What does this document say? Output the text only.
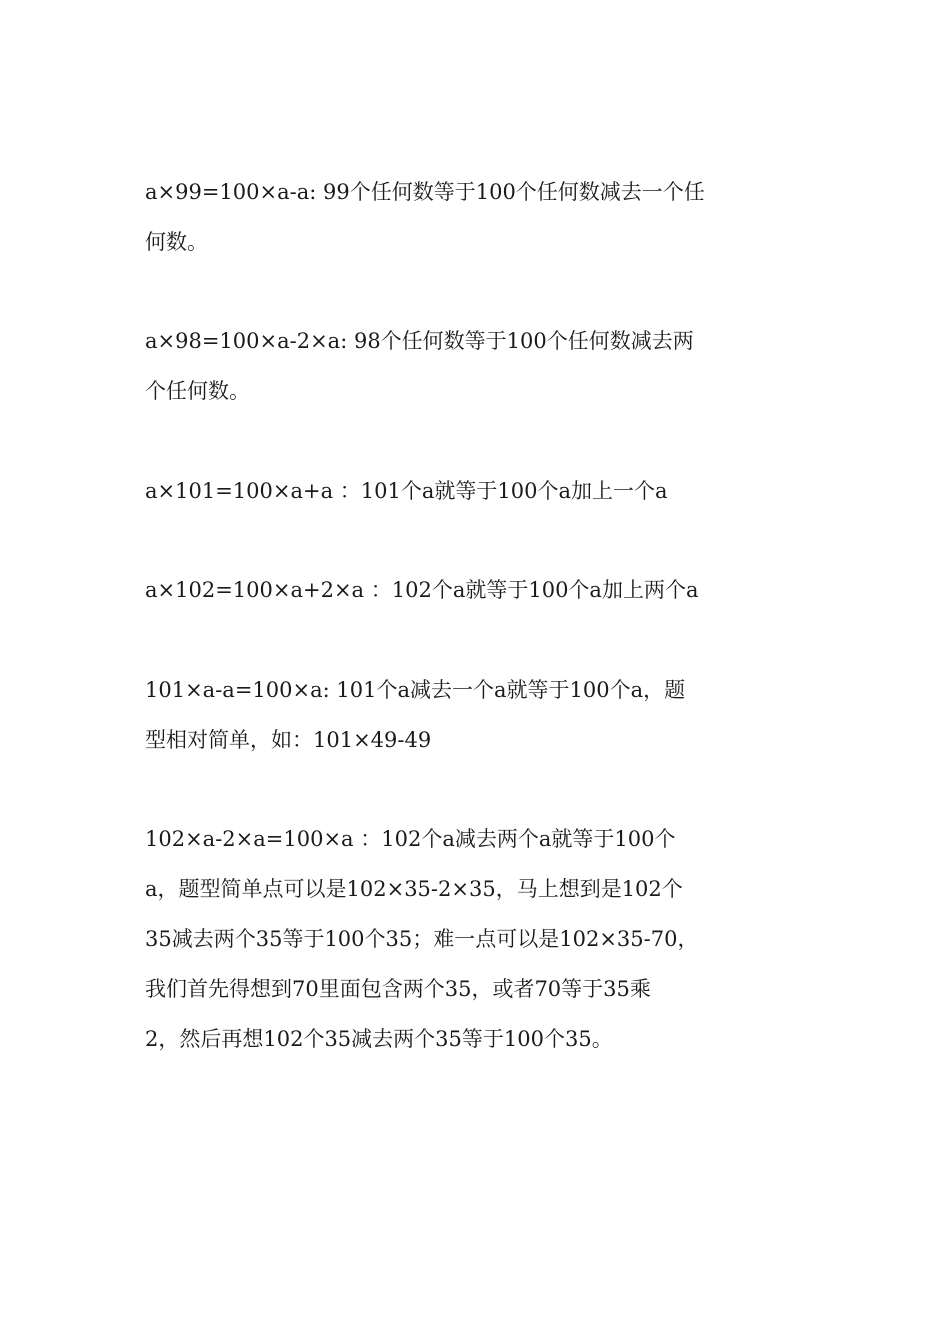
a×99=100×a-a: 99个任何数等于100个任何数减去一个任
何数。
a×98=100×a-2×a: 98个任何数等于100个任何数减去两
个任何数。
a×101=100×a+a ：101个a就等于100个a加上一个a
a×102=100×a+2×a ：102个a就等于100个a加上两个a
101×a-a=100×a: 101个a减去一个a就等于100个a，题
型相对简单，如：101×49-49
102×a-2×a=100×a ：102个a减去两个a就等于100个
a，题型简单点可以是102×35-2×35，马上想到是102个
35减去两个35等于100个35；难一点可以是102×35-70，
我们首先得想到70里面包含两个35，或者70等于35乘
2，然后再想102个35减去两个35等于100个35。
